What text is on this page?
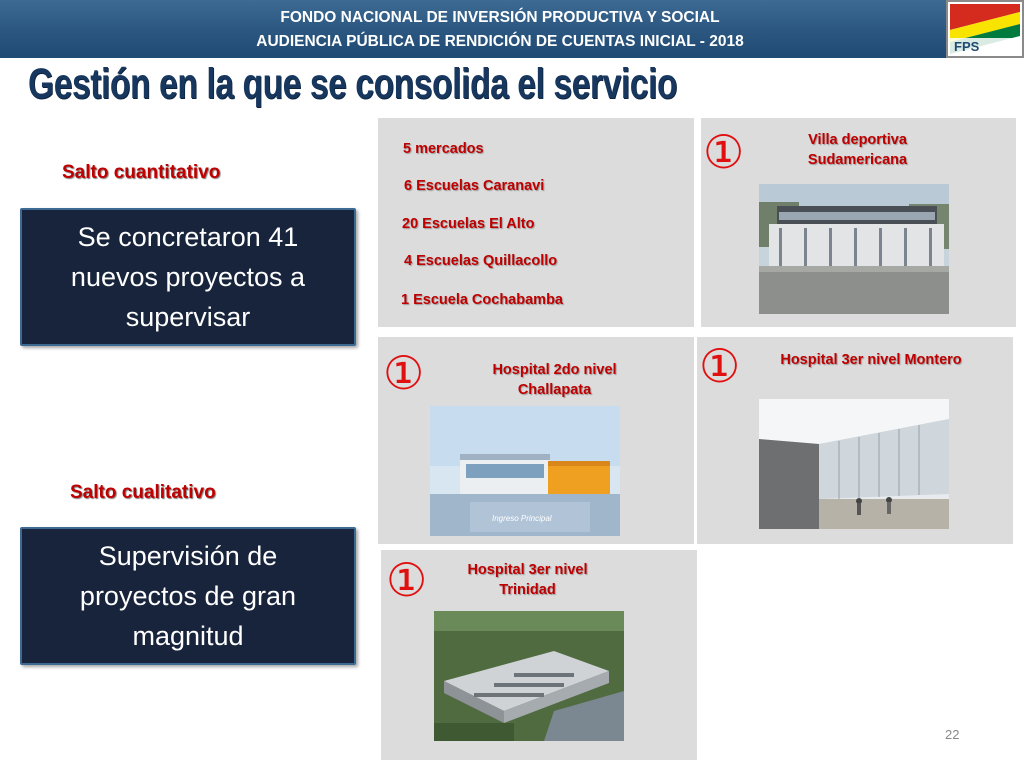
FONDO NACIONAL DE INVERSIÓN PRODUCTIVA Y SOCIAL
AUDIENCIA PÚBLICA DE RENDICIÓN DE CUENTAS INICIAL - 2018	FPS
Gestión en la que se consolida el servicio
Salto cuantitativo
Se concretaron 41 nuevos proyectos a supervisar
Salto cualitativo
Supervisión de proyectos de gran magnitud
5 mercados
6 Escuelas Caranavi
20 Escuelas El Alto
4 Escuelas Quillacollo
1 Escuela Cochabamba
①
①	①
①
Villa deportiva Sudamericana
Hospital 2do nivel Challapata
Hospital 3er nivel Montero
Hospital 3er nivel Trinidad
Ingreso Principal
22
